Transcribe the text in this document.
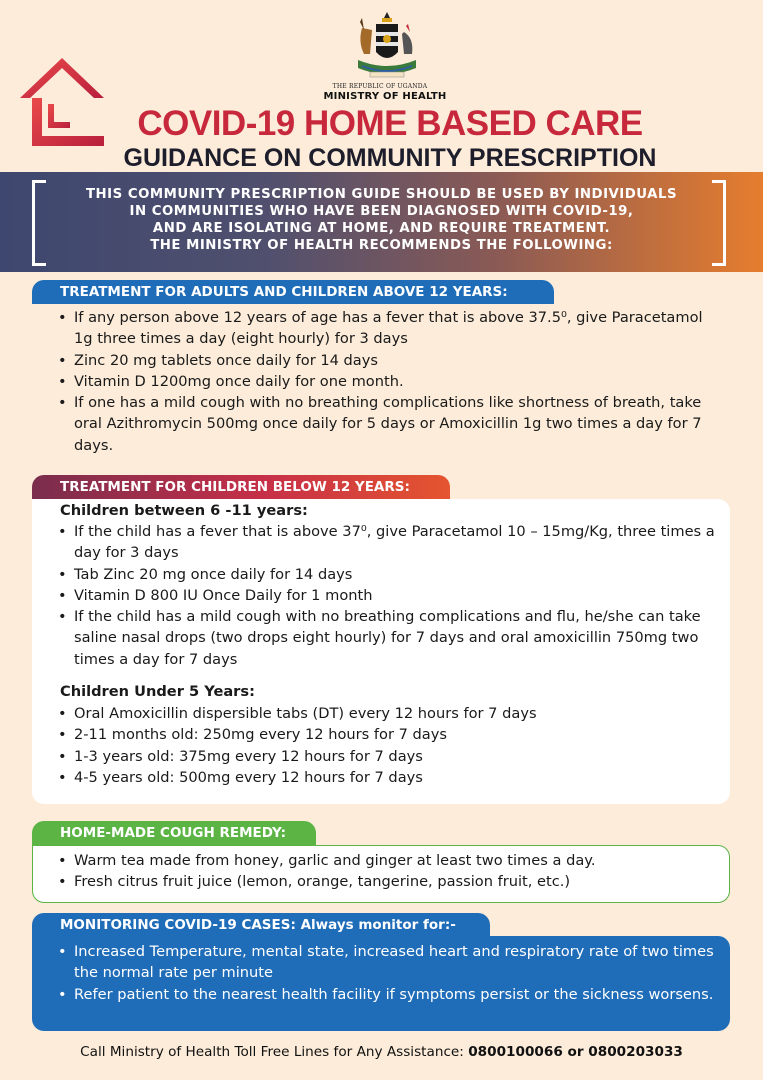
THE REPUBLIC OF UGANDA
MINISTRY OF HEALTH
COVID-19 HOME BASED CARE
GUIDANCE ON COMMUNITY PRESCRIPTION
THIS COMMUNITY PRESCRIPTION GUIDE SHOULD BE USED BY INDIVIDUALS
IN COMMUNITIES WHO HAVE BEEN DIAGNOSED WITH COVID-19,
AND ARE ISOLATING AT HOME, AND REQUIRE TREATMENT.
THE MINISTRY OF HEALTH RECOMMENDS THE FOLLOWING:
TREATMENT FOR ADULTS AND CHILDREN ABOVE 12 YEARS:
• If any person above 12 years of age has a fever that is above 37.5⁰, give Paracetamol 1g three times a day (eight hourly) for 3 days
• Zinc 20 mg tablets once daily for 14 days
• Vitamin D 1200mg once daily for one month.
• If one has a mild cough with no breathing complications like shortness of breath, take oral Azithromycin 500mg once daily for 5 days or Amoxicillin 1g two times a day for 7 days.
TREATMENT FOR CHILDREN BELOW 12 YEARS:
Children between 6 -11 years:
• If the child has a fever that is above 37⁰, give Paracetamol 10 – 15mg/Kg, three times a day for 3 days
• Tab Zinc 20 mg once daily for 14 days
• Vitamin D 800 IU Once Daily for 1 month
• If the child has a mild cough with no breathing complications and flu, he/she can take saline nasal drops (two drops eight hourly) for 7 days and oral amoxicillin 750mg two times a day for 7 days
Children Under 5 Years:
• Oral Amoxicillin dispersible tabs (DT) every 12 hours for 7 days
• 2-11 months old: 250mg every 12 hours for 7 days
• 1-3 years old: 375mg every 12 hours for 7 days
• 4-5 years old: 500mg every 12 hours for 7 days
HOME-MADE COUGH REMEDY:
• Warm tea made from honey, garlic and ginger at least two times a day.
• Fresh citrus fruit juice (lemon, orange, tangerine, passion fruit, etc.)
MONITORING COVID-19 CASES: Always monitor for:-
• Increased Temperature, mental state, increased heart and respiratory rate of two times the normal rate per minute
• Refer patient to the nearest health facility if symptoms persist or the sickness worsens.
Call Ministry of Health Toll Free Lines for Any Assistance: 0800100066 or 0800203033
